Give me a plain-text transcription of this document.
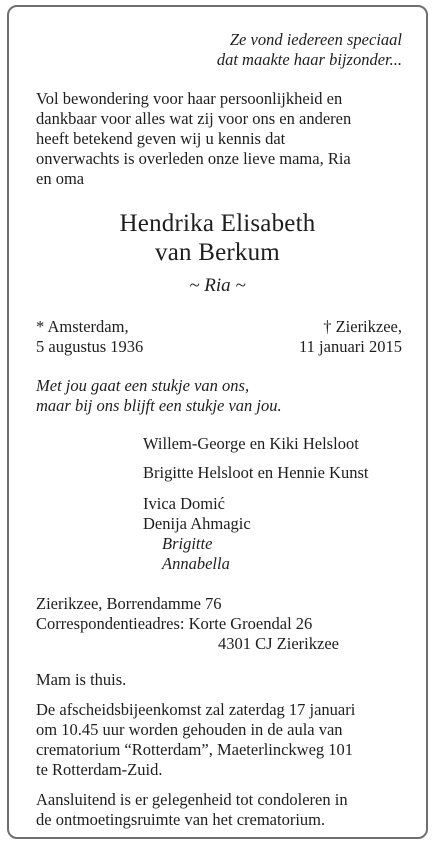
Ze vond iedereen speciaal
dat maakte haar bijzonder...
Vol bewondering voor haar persoonlijkheid en
dankbaar voor alles wat zij voor ons en anderen
heeft betekend geven wij u kennis dat
onverwachts is overleden onze lieve mama, Ria
en oma
Hendrika Elisabeth
van Berkum
~ Ria ~
* Amsterdam,
5 augustus 1936
† Zierikzee,
11 januari 2015
Met jou gaat een stukje van ons,
maar bij ons blijft een stukje van jou.
Willem-George en Kiki Helsloot
Brigitte Helsloot en Hennie Kunst
Ivica Domić
Denija Ahmagic
Brigitte
Annabella
Zierikzee, Borrendamme 76
Correspondentieadres: Korte Groendal 26
4301 CJ Zierikzee
Mam is thuis.
De afscheidsbijeenkomst zal zaterdag 17 januari
om 10.45 uur worden gehouden in de aula van
crematorium “Rotterdam”, Maeterlinckweg 101
te Rotterdam-Zuid.
Aansluitend is er gelegenheid tot condoleren in
de ontmoetingsruimte van het crematorium.
